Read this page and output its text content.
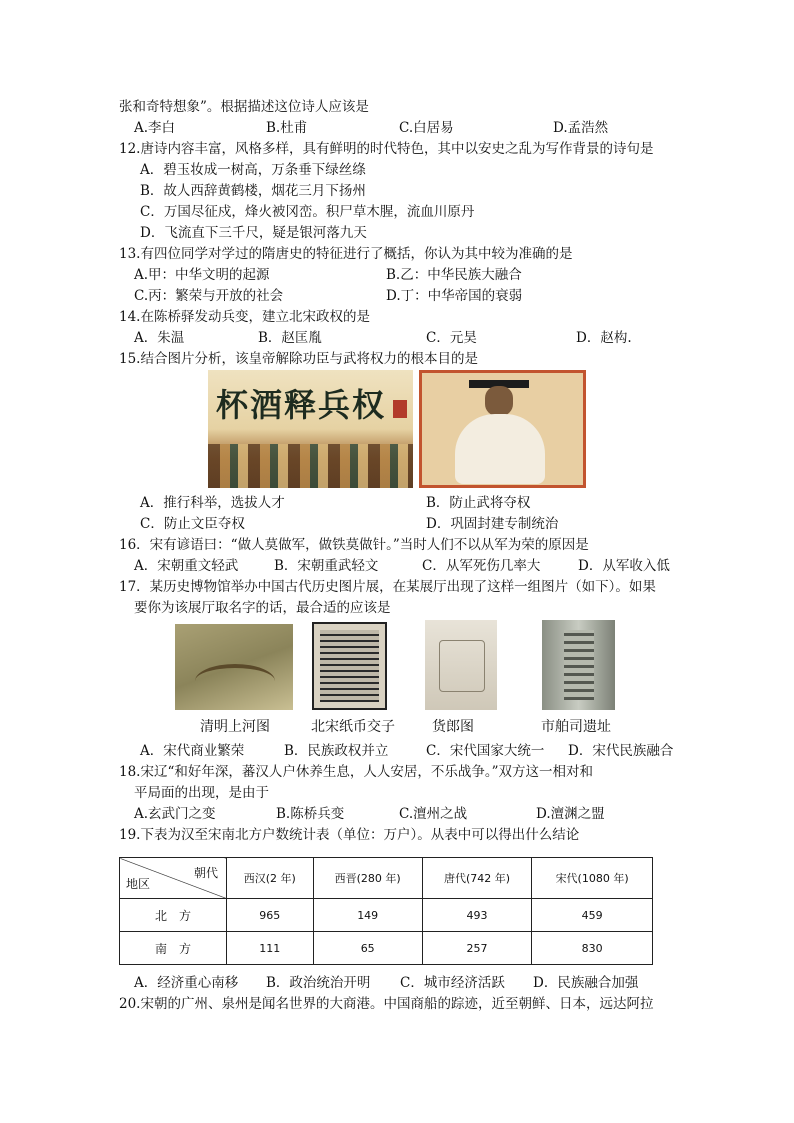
张和奇特想象”。根据描述这位诗人应该是
A.李白	B.杜甫	C.白居易	D.孟浩然
12.唐诗内容丰富，风格多样，具有鲜明的时代特色，其中以安史之乱为写作背景的诗句是
A．碧玉妆成一树高，万条垂下绿丝绦
B．故人西辞黄鹤楼，烟花三月下扬州
C．万国尽征戍，烽火被冈峦。积尸草木腥，流血川原丹
D．飞流直下三千尺，疑是银河落九天
13.有四位同学对学过的隋唐史的特征进行了概括，你认为其中较为准确的是
A.甲：中华文明的起源	B.乙：中华民族大融合
C.丙：繁荣与开放的社会	D.丁：中华帝国的衰弱
14.在陈桥驿发动兵变，建立北宋政权的是
A．朱温	B．赵匡胤	C．元昊	D．赵构.
15.结合图片分析，该皇帝解除功臣与武将权力的根本目的是
杯酒释兵权
A．推行科举，选拔人才	B．防止武将夺权
C．防止文臣夺权	D．巩固封建专制统治
16．宋有谚语曰：“做人莫做军，做铁莫做针。”当时人们不以从军为荣的原因是
A．宋朝重文轻武	B．宋朝重武轻文	C．从军死伤几率大	D．从军收入低
17．某历史博物馆举办中国古代历史图片展，在某展厅出现了这样一组图片（如下）。如果
要你为该展厅取名字的话，最合适的应该是
清明上河图	北宋纸币交子	货郎图	市舶司遗址
A．宋代商业繁荣	B．民族政权并立	C．宋代国家大统一 D．宋代民族融合
18.宋辽“和好年深，蕃汉人户休养生息，人人安居，不乐战争。”双方这一相对和
平局面的出现，是由于
A.玄武门之变	B.陈桥兵变	C.澶州之战	D.澶渊之盟
19.下表为汉至宋南北方户数统计表（单位：万户）。从表中可以得出什么结论
朝代
地区	西汉(2 年)	西晋(280 年)	唐代(742 年)	宋代(1080 年)
北　方	965	149	493	459
南　方	111	65	257	830
A．经济重心南移 B．政治统治开明 C．城市经济活跃 D．民族融合加强
20.宋朝的广州、泉州是闻名世界的大商港。中国商船的踪迹，近至朝鲜、日本，远达阿拉
